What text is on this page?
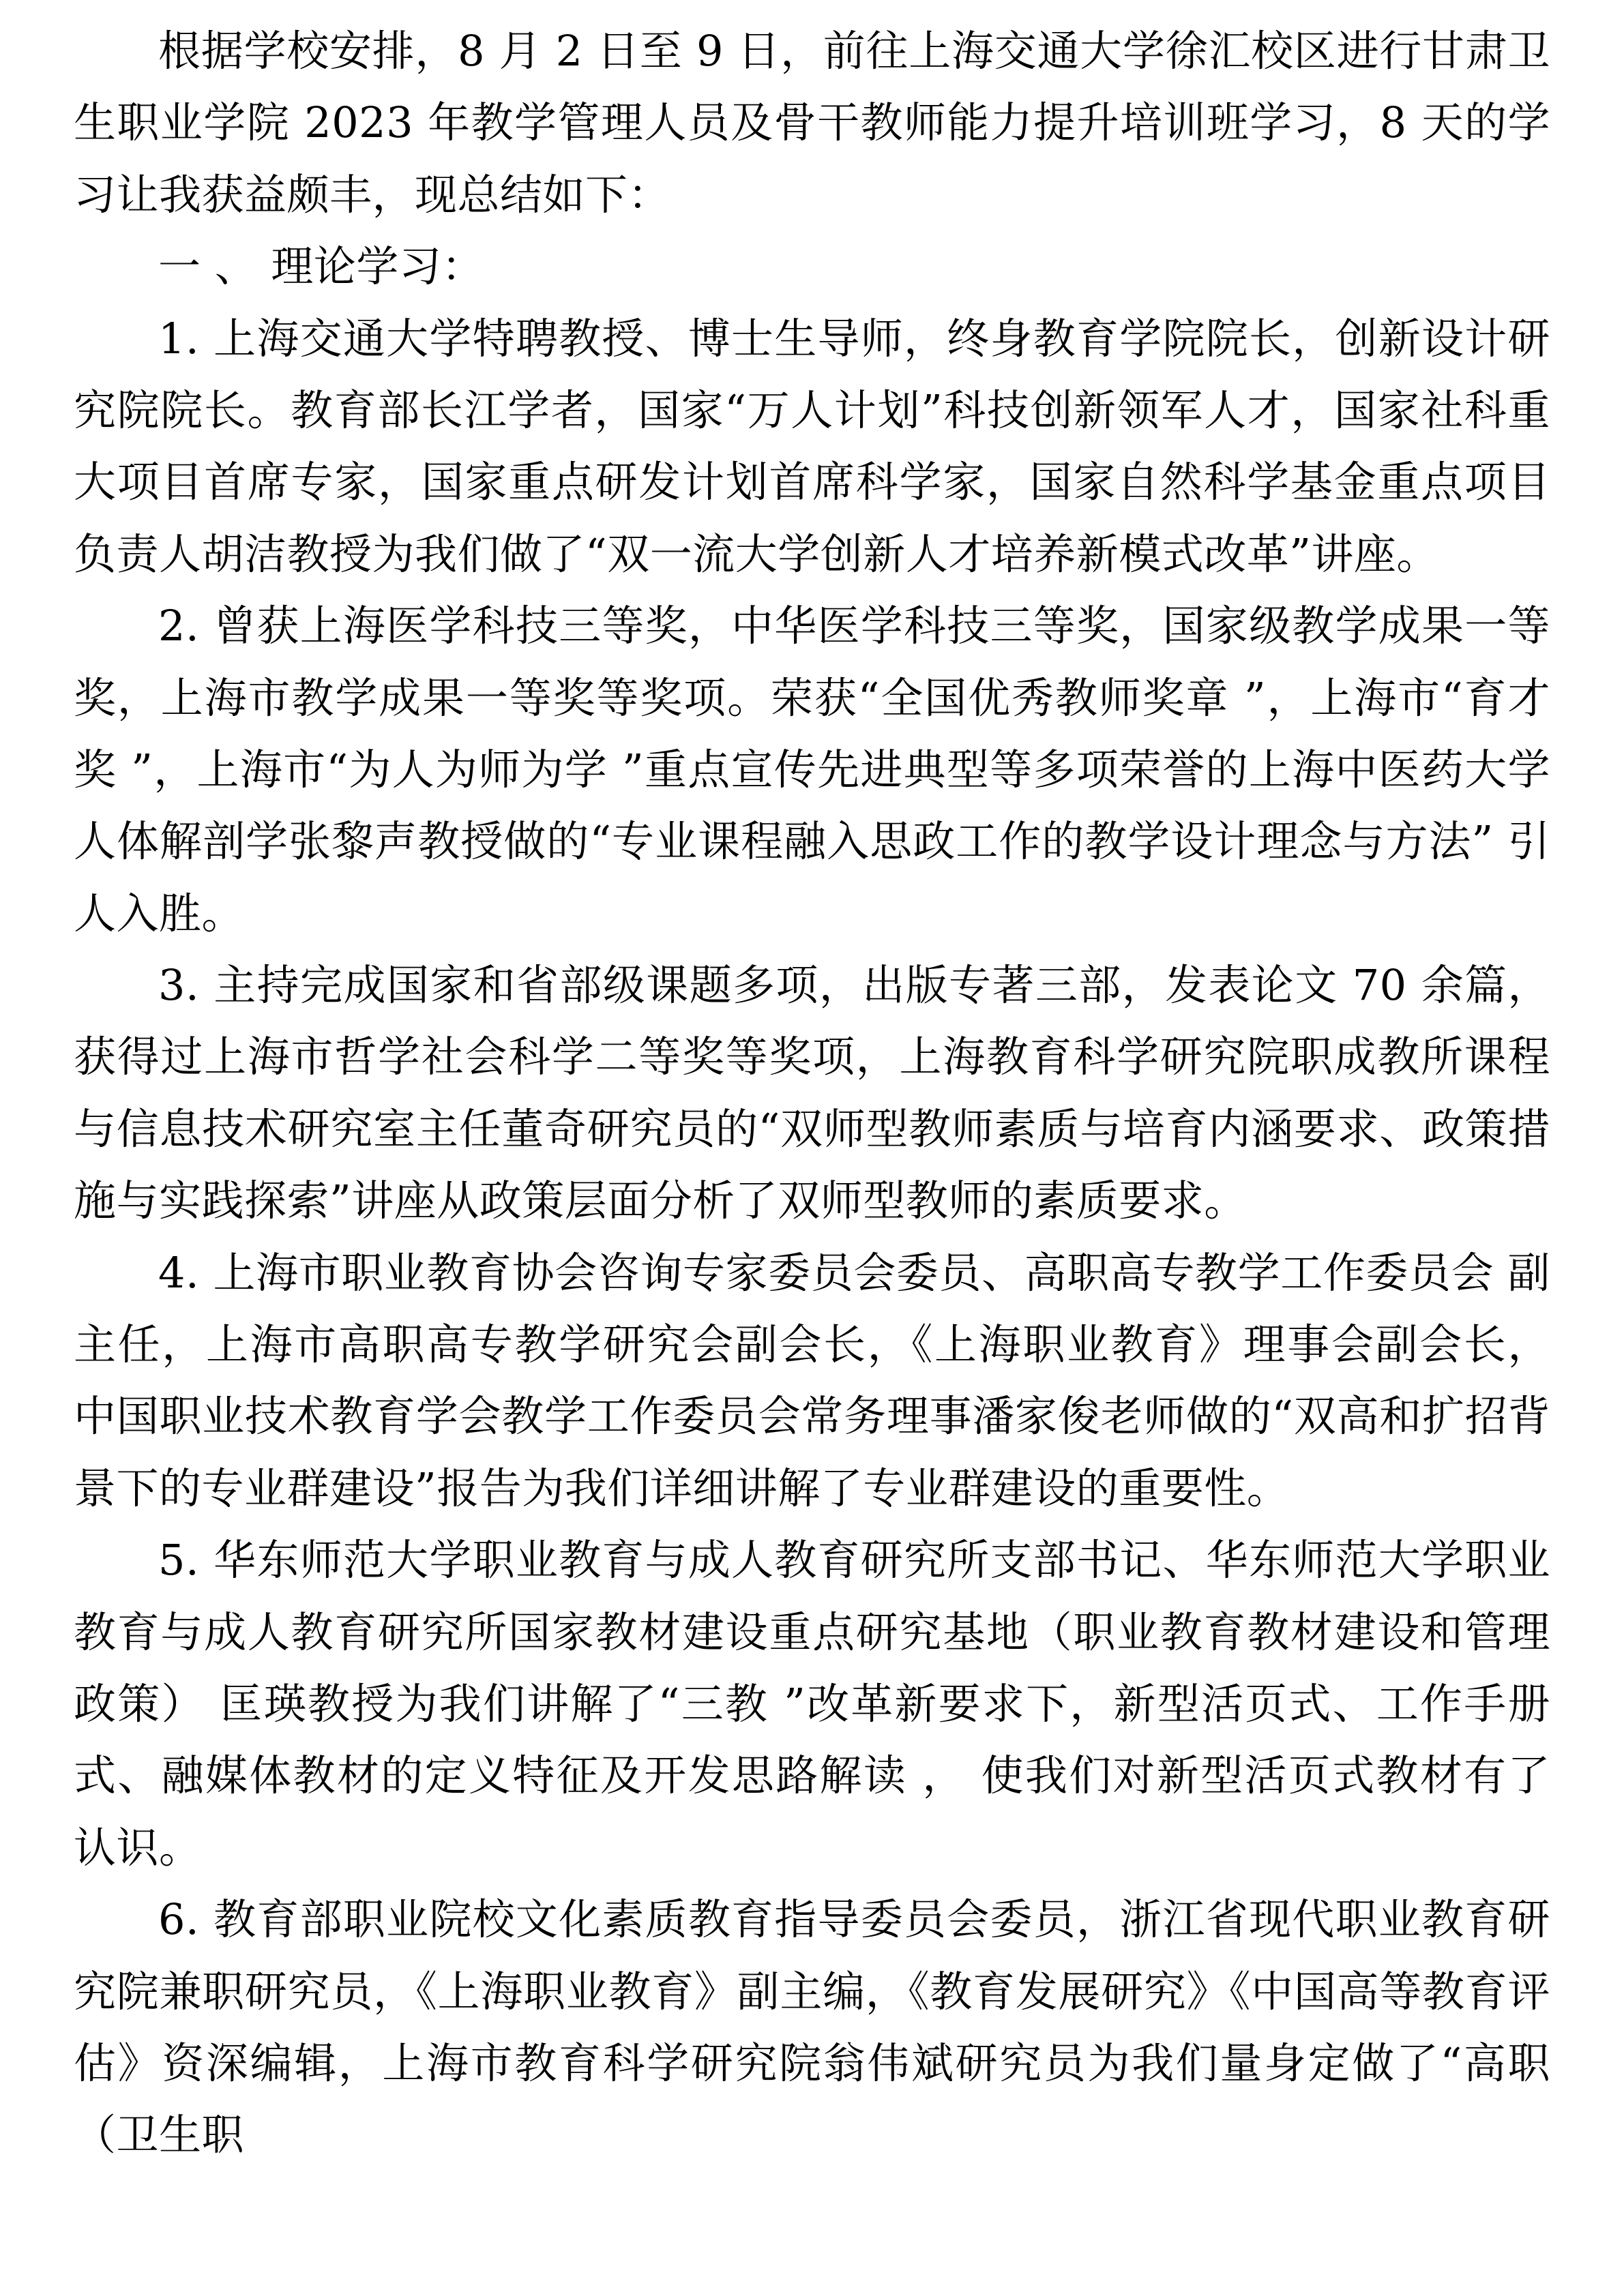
根据学校安排，8 月 2 日至 9 日，前往上海交通大学徐汇校区进行甘肃卫生职业学院 2023 年教学管理人员及骨干教师能力提升培训班学习，8 天的学习让我获益颇丰，现总结如下：

一 、 理论学习：

1. 上海交通大学特聘教授、博士生导师，终身教育学院院长，创新设计研究院院长。教育部长江学者，国家“万人计划”科技创新领军人才，国家社科重大项目首席专家，国家重点研发计划首席科学家，国家自然科学基金重点项目负责人胡洁教授为我们做了“双一流大学创新人才培养新模式改革”讲座。

2. 曾获上海医学科技三等奖，中华医学科技三等奖，国家级教学成果一等奖，上海市教学成果一等奖等奖项。荣获“全国优秀教师奖章 ”，上海市“育才奖 ”，上海市“为人为师为学 ”重点宣传先进典型等多项荣誉的上海中医药大学人体解剖学张黎声教授做的“专业课程融入思政工作的教学设计理念与方法” 引人入胜。

3. 主持完成国家和省部级课题多项，出版专著三部，发表论文 70 余篇，获得过上海市哲学社会科学二等奖等奖项，上海教育科学研究院职成教所课程与信息技术研究室主任董奇研究员的“双师型教师素质与培育内涵要求、政策措施与实践探索”讲座从政策层面分析了双师型教师的素质要求。

4. 上海市职业教育协会咨询专家委员会委员、高职高专教学工作委员会 副主任，上海市高职高专教学研究会副会长，《上海职业教育》理事会副会长， 中国职业技术教育学会教学工作委员会常务理事潘家俊老师做的“双高和扩招背景下的专业群建设”报告为我们详细讲解了专业群建设的重要性。

5. 华东师范大学职业教育与成人教育研究所支部书记、华东师范大学职业教育与成人教育研究所国家教材建设重点研究基地（职业教育教材建设和管理政策） 匡瑛教授为我们讲解了“三教 ”改革新要求下，新型活页式、工作手册式、融媒体教材的定义特征及开发思路解读 ， 使我们对新型活页式教材有了认识。

6. 教育部职业院校文化素质教育指导委员会委员，浙江省现代职业教育研究院兼职研究员，《上海职业教育》副主编，《教育发展研究》《中国高等教育评估》资深编辑，上海市教育科学研究院翁伟斌研究员为我们量身定做了“高职（卫生职
